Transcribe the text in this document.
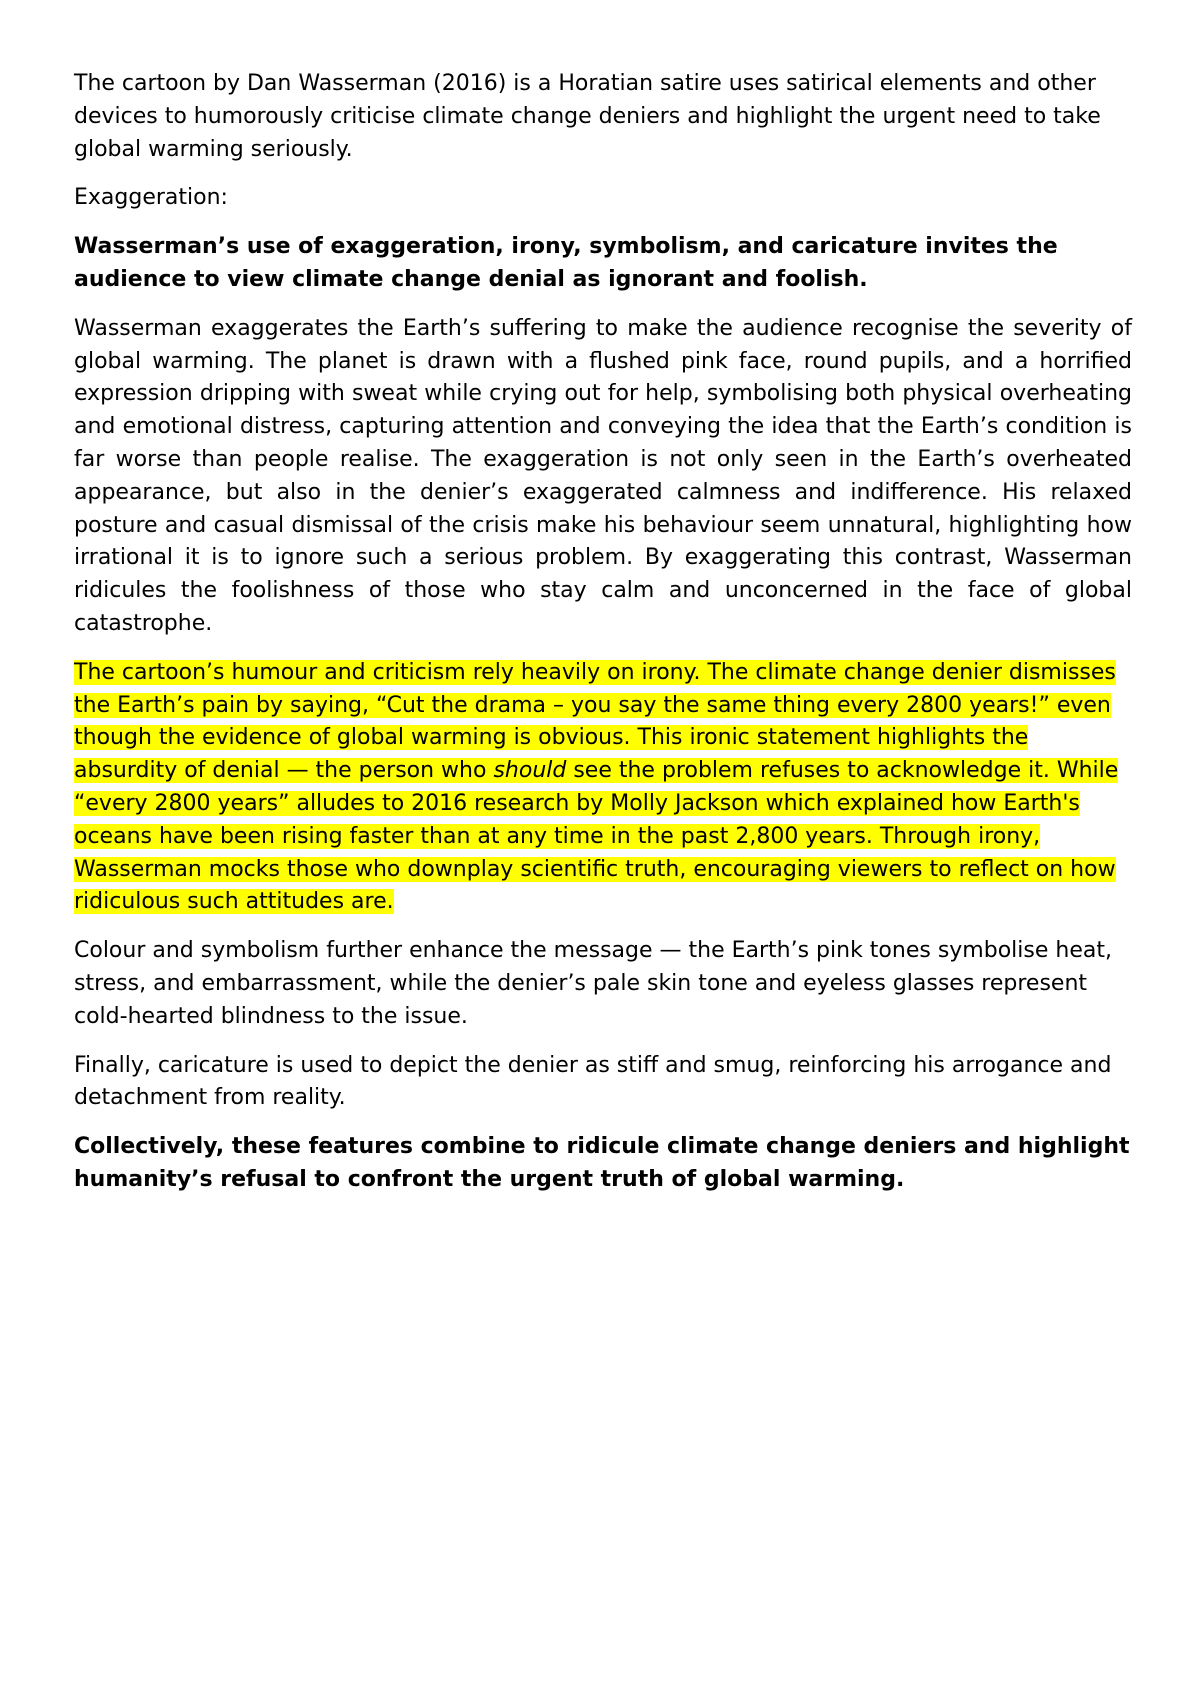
The cartoon by Dan Wasserman (2016) is a Horatian satire uses satirical elements and other devices to humorously criticise climate change deniers and highlight the urgent need to take global warming seriously.

Exaggeration:

Wasserman’s use of exaggeration, irony, symbolism, and caricature invites the audience to view climate change denial as ignorant and foolish.

Wasserman exaggerates the Earth’s suffering to make the audience recognise the severity of global warming. The planet is drawn with a flushed pink face, round pupils, and a horrified expression dripping with sweat while crying out for help, symbolising both physical overheating and emotional distress, capturing attention and conveying the idea that the Earth’s condition is far worse than people realise. The exaggeration is not only seen in the Earth’s overheated appearance, but also in the denier’s exaggerated calmness and indifference. His relaxed posture and casual dismissal of the crisis make his behaviour seem unnatural, highlighting how irrational it is to ignore such a serious problem. By exaggerating this contrast, Wasserman ridicules the foolishness of those who stay calm and unconcerned in the face of global catastrophe.

The cartoon’s humour and criticism rely heavily on irony. The climate change denier dismisses the Earth’s pain by saying, “Cut the drama – you say the same thing every 2800 years!” even though the evidence of global warming is obvious. This ironic statement highlights the absurdity of denial — the person who should see the problem refuses to acknowledge it. While “every 2800 years” alludes to 2016 research by Molly Jackson which explained how Earth's oceans have been rising faster than at any time in the past 2,800 years. Through irony, Wasserman mocks those who downplay scientific truth, encouraging viewers to reflect on how ridiculous such attitudes are.

Colour and symbolism further enhance the message — the Earth’s pink tones symbolise heat, stress, and embarrassment, while the denier’s pale skin tone and eyeless glasses represent cold-hearted blindness to the issue.

Finally, caricature is used to depict the denier as stiff and smug, reinforcing his arrogance and detachment from reality.

Collectively, these features combine to ridicule climate change deniers and highlight humanity’s refusal to confront the urgent truth of global warming.
